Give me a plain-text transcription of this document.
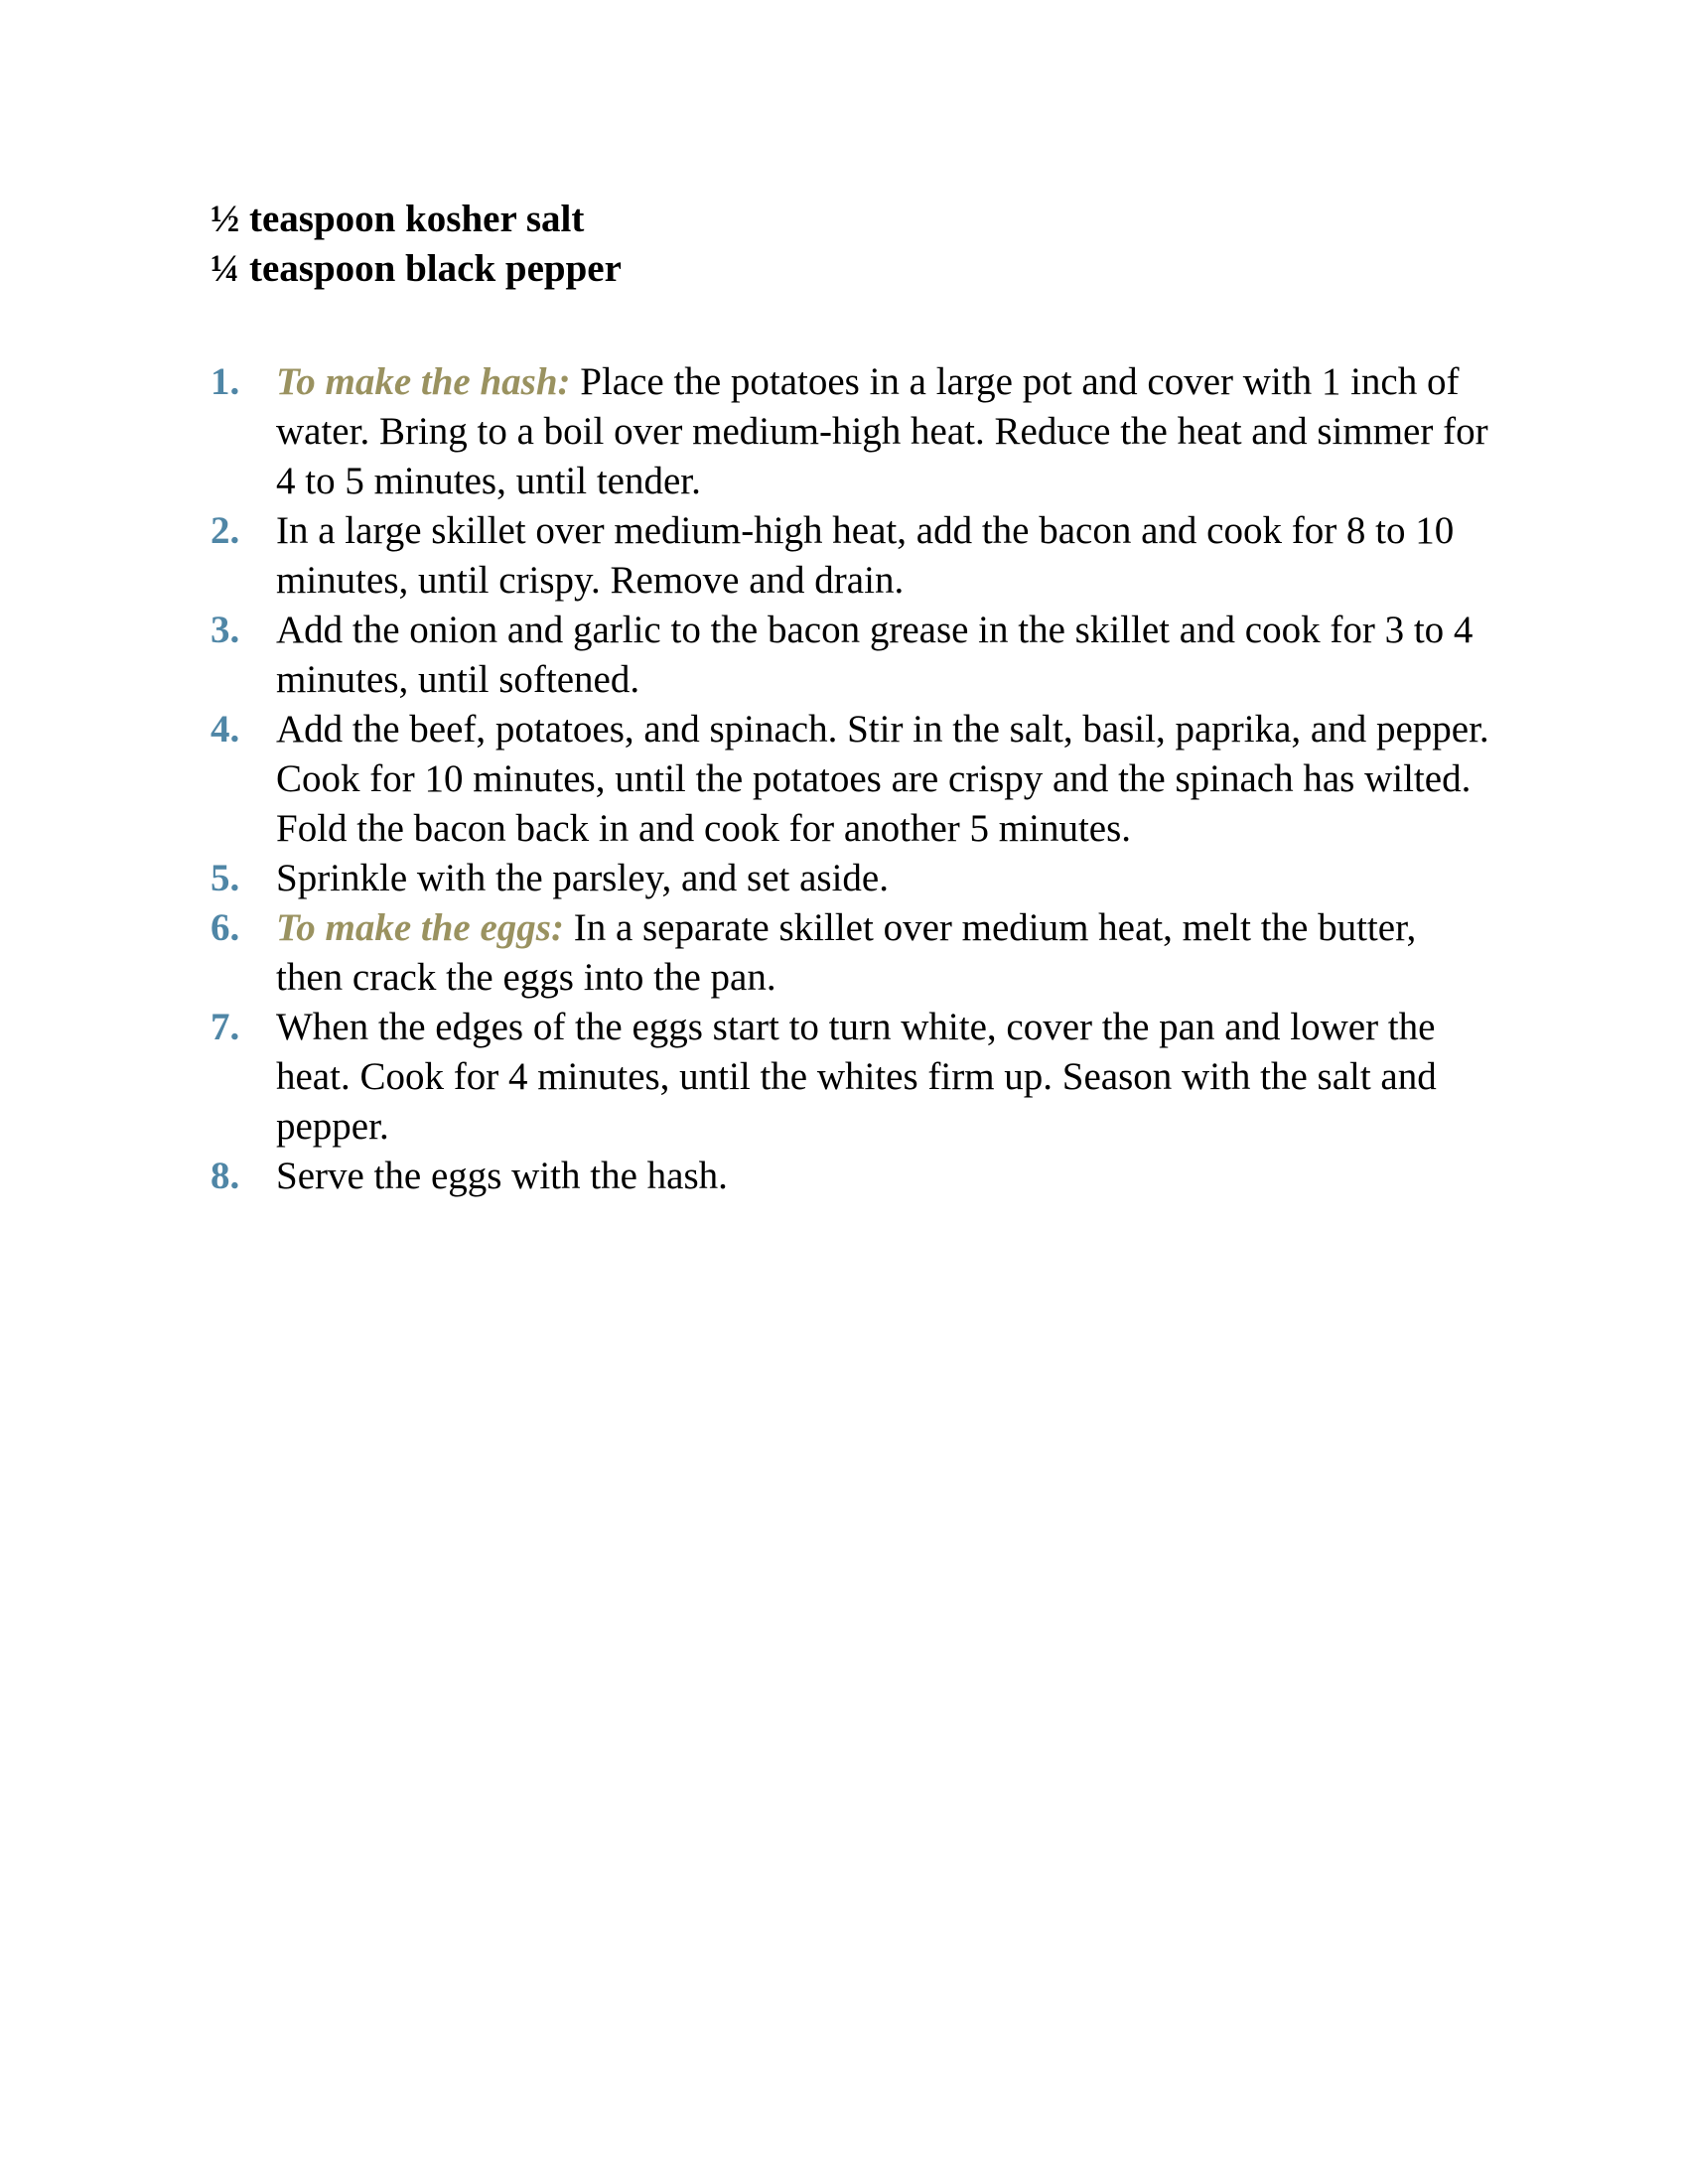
½ teaspoon kosher salt

¼ teaspoon black pepper

1. To make the hash: Place the potatoes in a large pot and cover with 1 inch of water. Bring to a boil over medium-high heat. Reduce the heat and simmer for 4 to 5 minutes, until tender.
2. In a large skillet over medium-high heat, add the bacon and cook for 8 to 10 minutes, until crispy. Remove and drain.
3. Add the onion and garlic to the bacon grease in the skillet and cook for 3 to 4 minutes, until softened.
4. Add the beef, potatoes, and spinach. Stir in the salt, basil, paprika, and pepper. Cook for 10 minutes, until the potatoes are crispy and the spinach has wilted. Fold the bacon back in and cook for another 5 minutes.
5. Sprinkle with the parsley, and set aside.
6. To make the eggs: In a separate skillet over medium heat, melt the butter, then crack the eggs into the pan.
7. When the edges of the eggs start to turn white, cover the pan and lower the heat. Cook for 4 minutes, until the whites firm up. Season with the salt and pepper.
8. Serve the eggs with the hash.
